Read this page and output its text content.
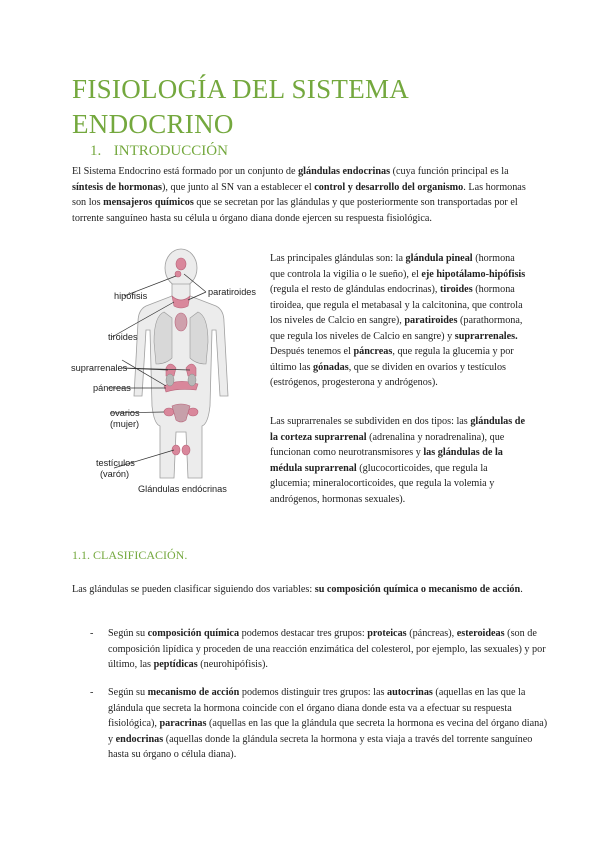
FISIOLOGÍA DEL SISTEMA ENDOCRINO
1. INTRODUCCIÓN

El Sistema Endocrino está formado por un conjunto de glándulas endocrinas (cuya función principal es la síntesis de hormonas), que junto al SN van a establecer el control y desarrollo del organismo. Las hormonas son los mensajeros químicos que se secretan por las glándulas y que posteriormente son transportadas por el torrente sanguíneo hasta su célula u órgano diana donde ejercen su respuesta fisiológica.

hipófisis	paratiroides
tiroides
suprarrenales
páncreas
ovarios
(mujer)
testículos
(varón)
Glándulas endócrinas

Las principales glándulas son: la glándula pineal (hormona que controla la vigilia o le sueño), el eje hipotálamo-hipófisis (regula el resto de glándulas endocrinas), tiroides (hormona tiroidea, que regula el metabasal y la calcitonina, que controla los niveles de Calcio en sangre), paratiroides (parathormona, que regula los niveles de Calcio en sangre) y suprarrenales. Después tenemos el páncreas, que regula la glucemia y por último las gónadas, que se dividen en ovarios y testículos (estrógenos, progesterona y andrógenos).

Las suprarrenales se subdividen en dos tipos: las glándulas de la corteza suprarrenal (adrenalina y noradrenalina), que funcionan como neurotransmisores y las glándulas de la médula suprarrenal (glucocorticoides, que regula la glucemia; mineralocorticoides, que regula la volemia y andrógenos, hormonas sexuales).

1.1. CLASIFICACIÓN.

Las glándulas se pueden clasificar siguiendo dos variables: su composición química o mecanismo de acción.

- Según su composición química podemos destacar tres grupos: proteicas (páncreas), esteroideas (son de composición lipídica y proceden de una reacción enzimática del colesterol, por ejemplo, las sexuales) y por último, las peptídicas (neurohipófisis).
- Según su mecanismo de acción podemos distinguir tres grupos: las autocrinas (aquellas en las que la glándula que secreta la hormona coincide con el órgano diana donde esta va a efectuar su respuesta fisiológica), paracrinas (aquellas en las que la glándula que secreta la hormona es vecina del órgano diana) y endocrinas (aquellas donde la glándula secreta la hormona y esta viaja a través del torrente sanguíneo hasta su órgano o célula diana).
